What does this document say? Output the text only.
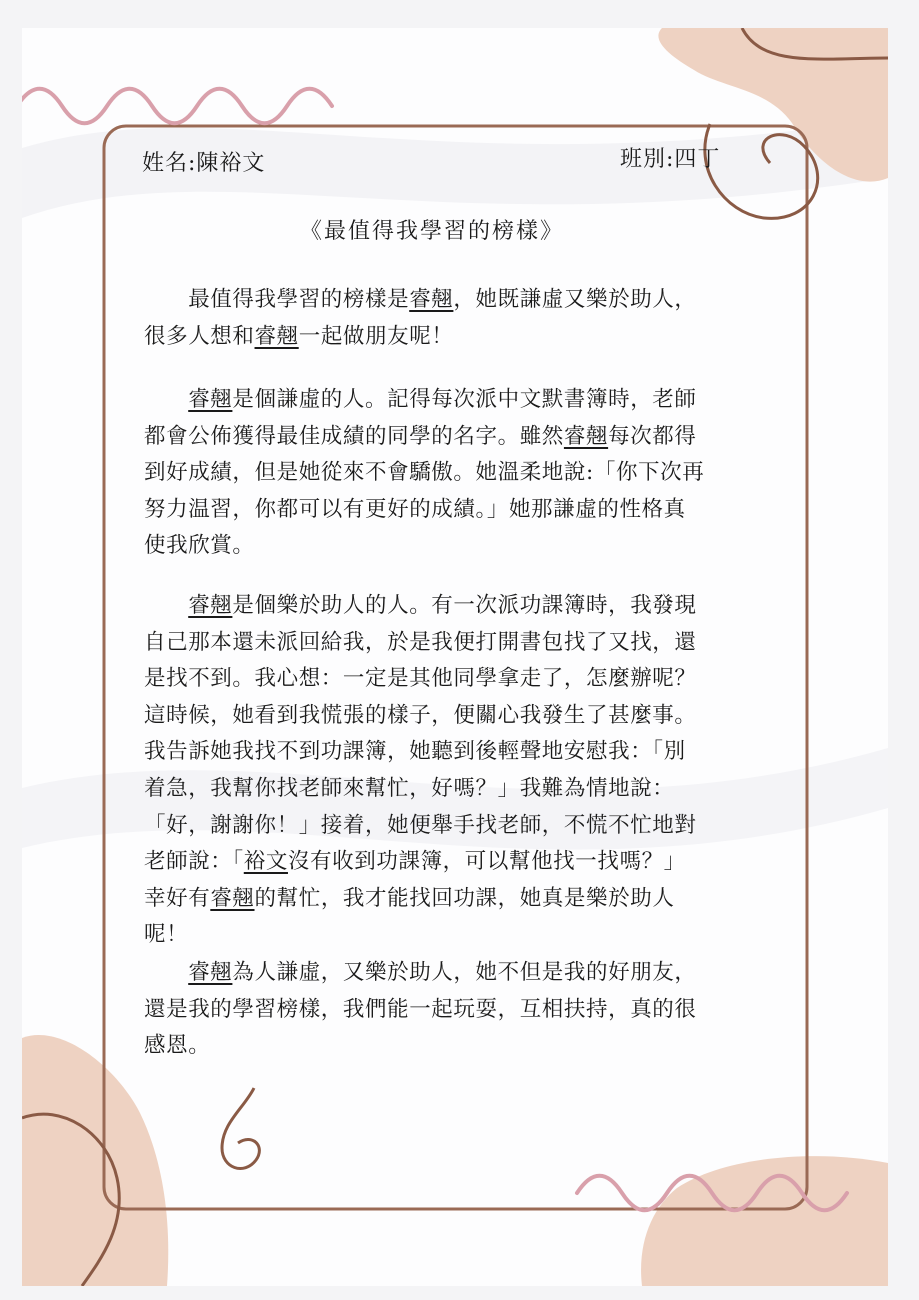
姓名:陳裕文	班別:四丁

《最值得我學習的榜樣》

　　最值得我學習的榜樣是睿翹，她既謙虛又樂於助人，
很多人想和睿翹一起做朋友呢！
　　睿翹是個謙虛的人。記得每次派中文默書簿時，老師
都會公佈獲得最佳成績的同學的名字。雖然睿翹每次都得
到好成績，但是她從來不會驕傲。她溫柔地說:「你下次再
努力温習，你都可以有更好的成績。」她那謙虛的性格真
使我欣賞。
　　睿翹是個樂於助人的人。有一次派功課簿時，我發現
自己那本還未派回給我，於是我便打開書包找了又找，還
是找不到。我心想：一定是其他同學拿走了，怎麼辦呢？
這時候，她看到我慌張的樣子，便關心我發生了甚麼事。
我告訴她我找不到功課簿，她聽到後輕聲地安慰我：「別
着急，我幫你找老師來幫忙，好嗎？」我難為情地說：
「好，謝謝你！」接着，她便舉手找老師，不慌不忙地對
老師說：「裕文沒有收到功課簿，可以幫他找一找嗎？」
幸好有睿翹的幫忙，我才能找回功課，她真是樂於助人
呢！
　　睿翹為人謙虛，又樂於助人，她不但是我的好朋友，
還是我的學習榜樣，我們能一起玩耍，互相扶持，真的很
感恩。
